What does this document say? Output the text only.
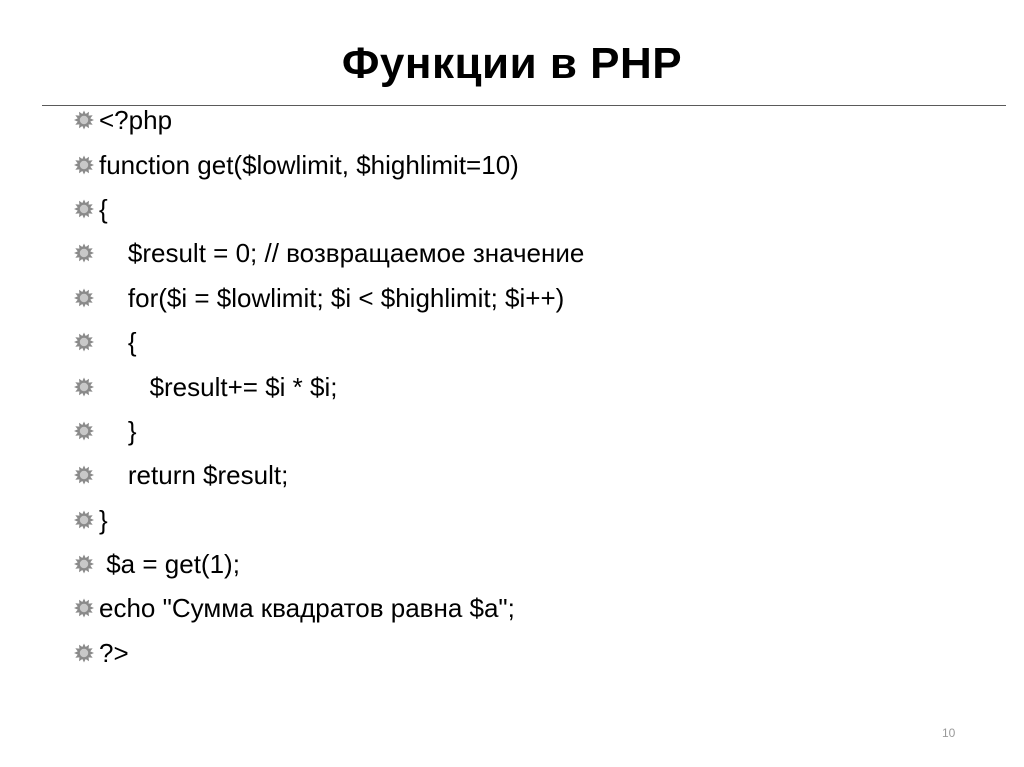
Функции в PHP
<?php
function get($lowlimit, $highlimit=10)
{
$result = 0; // возвращаемое значение
for($i = $lowlimit; $i < $highlimit; $i++)
{
$result+= $i * $i;
}
return $result;
}
$a = get(1);
echo "Сумма квадратов равна $a";
?>
10
